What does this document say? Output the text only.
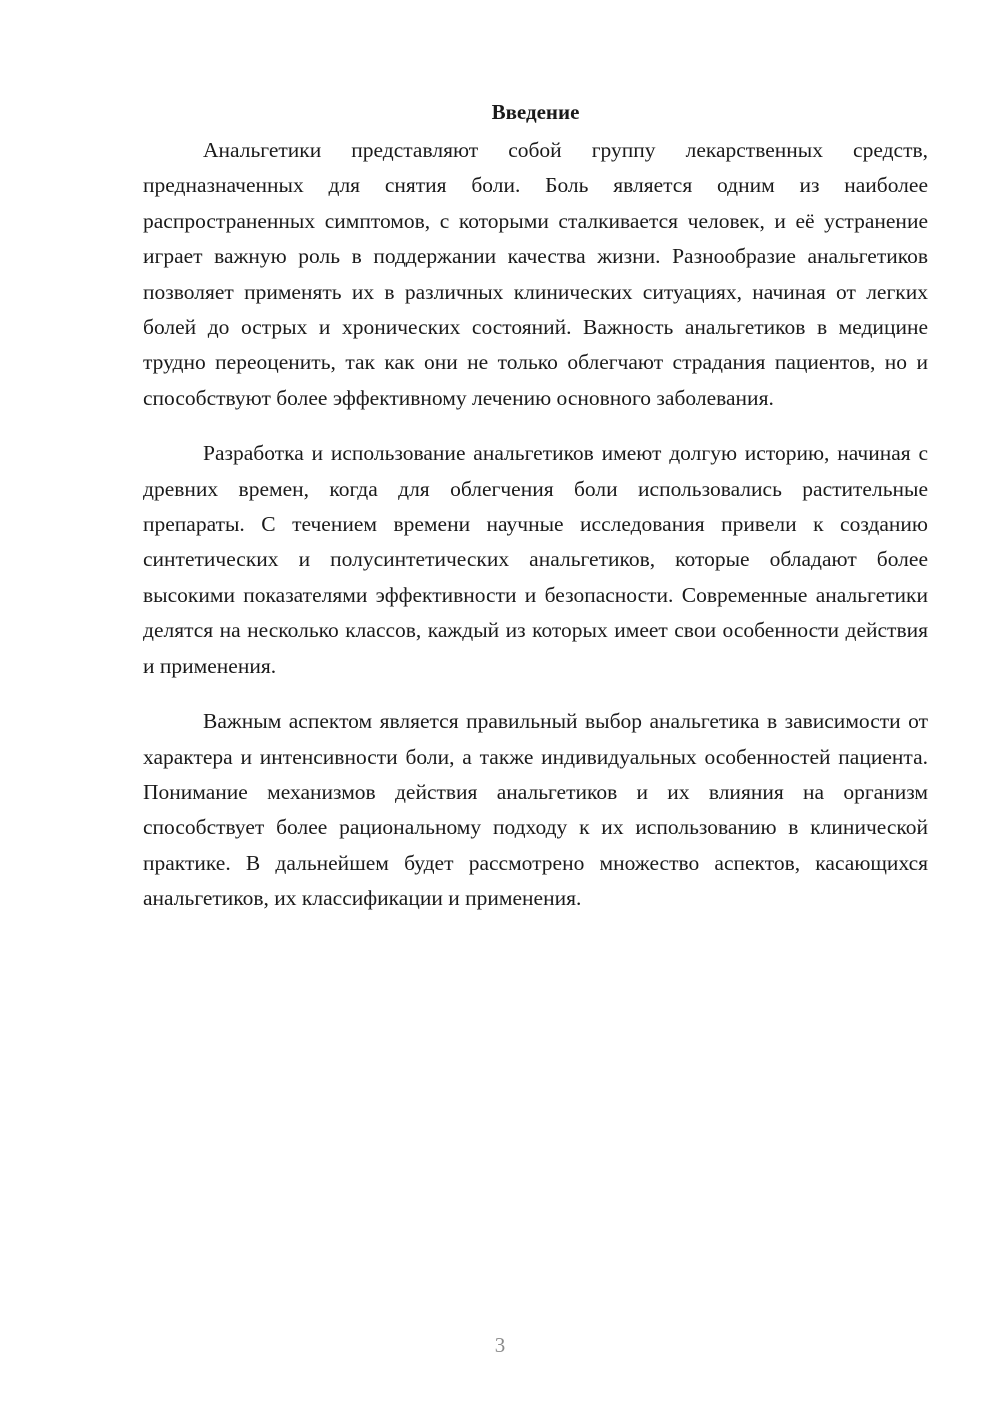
Введение

Анальгетики представляют собой группу лекарственных средств, предназначенных для снятия боли. Боль является одним из наиболее распространенных симптомов, с которыми сталкивается человек, и её устранение играет важную роль в поддержании качества жизни. Разнообразие анальгетиков позволяет применять их в различных клинических ситуациях, начиная от легких болей до острых и хронических состояний. Важность анальгетиков в медицине трудно переоценить, так как они не только облегчают страдания пациентов, но и способствуют более эффективному лечению основного заболевания.

Разработка и использование анальгетиков имеют долгую историю, начиная с древних времен, когда для облегчения боли использовались растительные препараты. С течением времени научные исследования привели к созданию синтетических и полусинтетических анальгетиков, которые обладают более высокими показателями эффективности и безопасности. Современные анальгетики делятся на несколько классов, каждый из которых имеет свои особенности действия и применения.

Важным аспектом является правильный выбор анальгетика в зависимости от характера и интенсивности боли, а также индивидуальных особенностей пациента. Понимание механизмов действия анальгетиков и их влияния на организм способствует более рациональному подходу к их использованию в клинической практике. В дальнейшем будет рассмотрено множество аспектов, касающихся анальгетиков, их классификации и применения.

3
